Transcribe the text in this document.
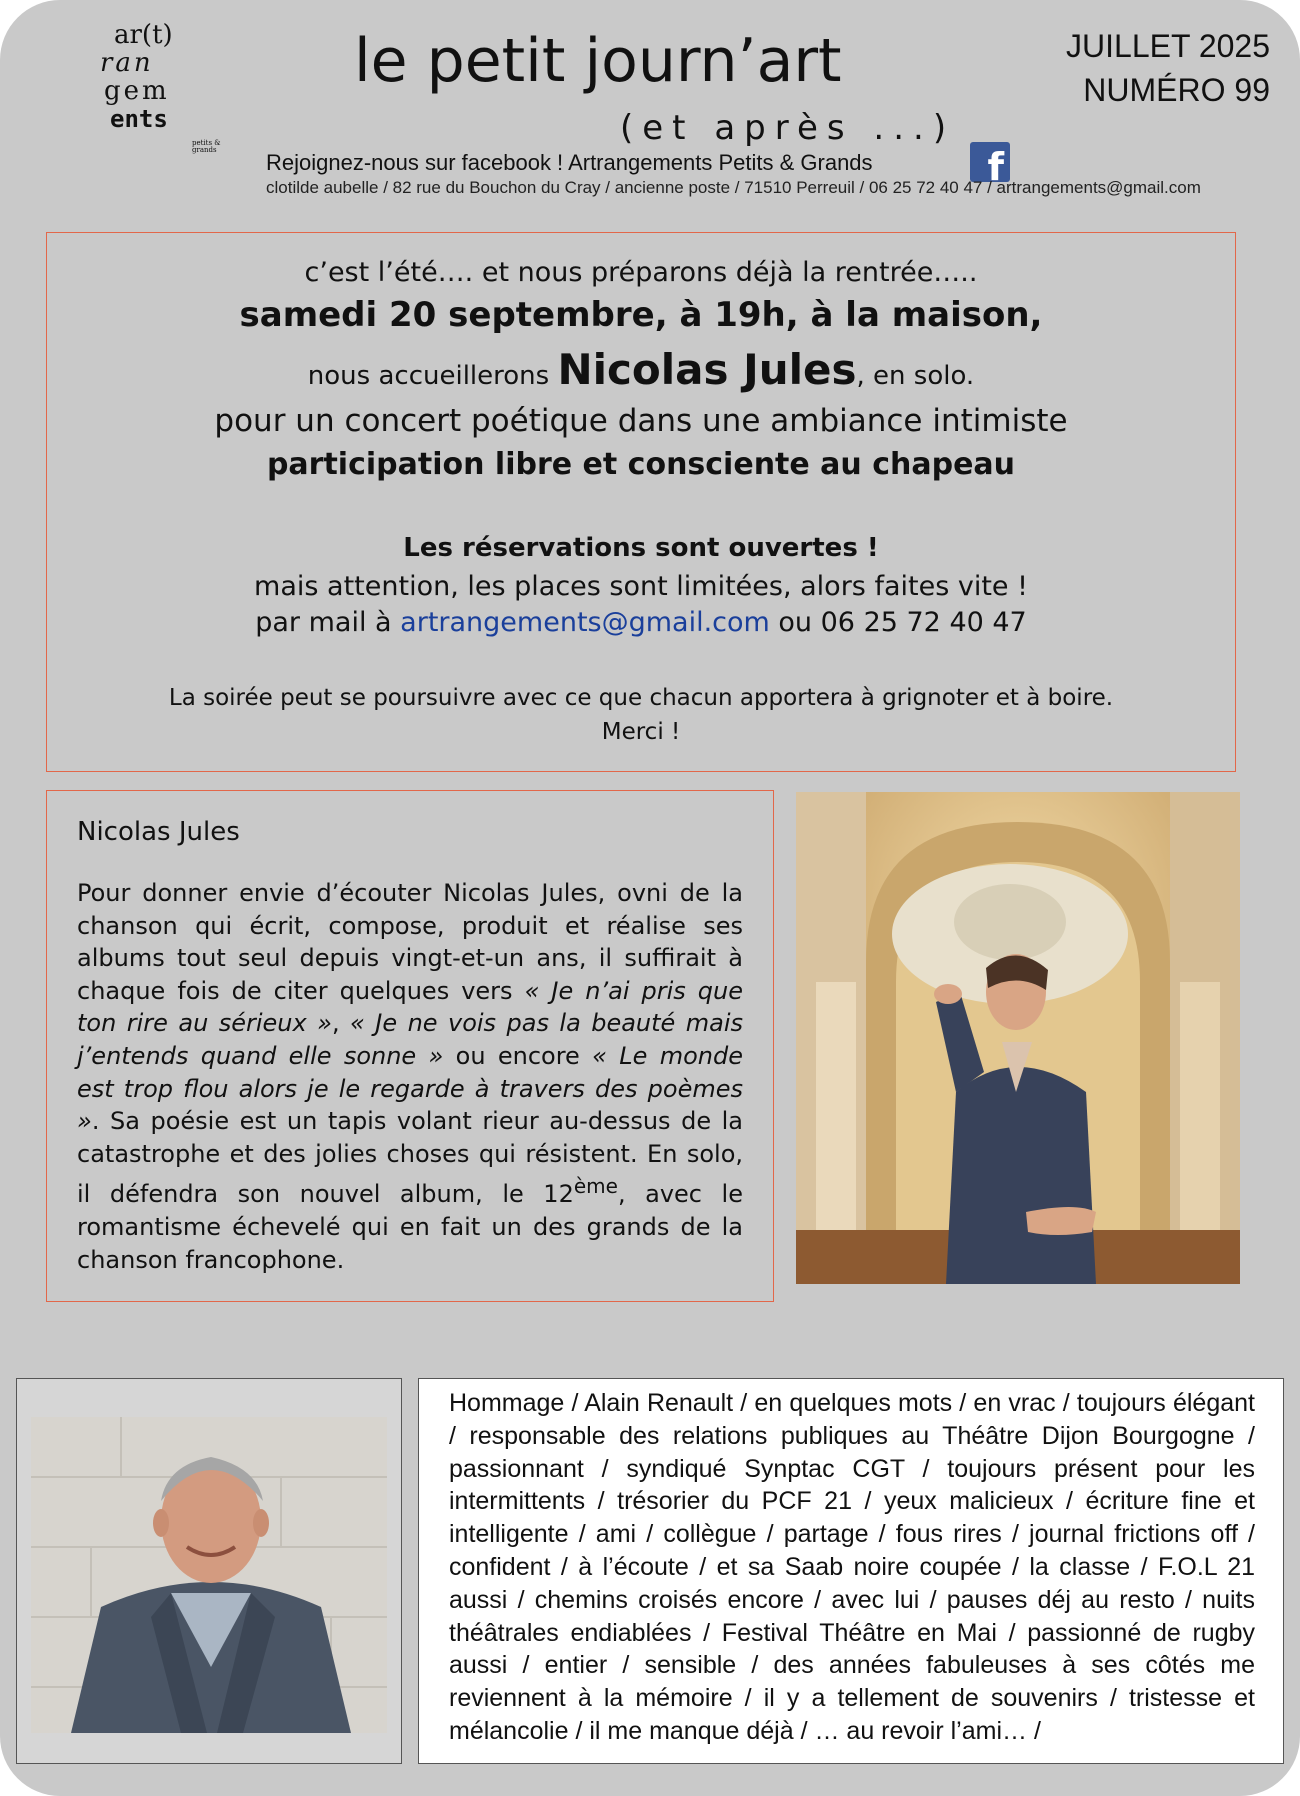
ar(t)
ran
gem
ents
petits & grands
le petit journ’art
(et après ...)
JUILLET 2025
NUMÉRO 99
Rejoignez-nous sur facebook ! Artrangements Petits & Grands	f
clotilde aubelle / 82 rue du Bouchon du Cray / ancienne poste / 71510 Perreuil / 06 25 72 40 47 / artrangements@gmail.com
c’est l’été…. et nous préparons déjà la rentrée…..
samedi 20 septembre, à 19h, à la maison,
nous accueillerons Nicolas Jules, en solo.
pour un concert poétique dans une ambiance intimiste
participation libre et consciente au chapeau
Les réservations sont ouvertes !
mais attention, les places sont limitées, alors faites vite !
par mail à artrangements@gmail.com ou 06 25 72 40 47
La soirée peut se poursuivre avec ce que chacun apportera à grignoter et à boire.
Merci !
Nicolas Jules
Pour donner envie d’écouter Nicolas Jules, ovni de la chanson qui écrit, compose, produit et réalise ses albums tout seul depuis vingt-et-un ans, il suffirait à chaque fois de citer quelques vers « Je n’ai pris que ton rire au sérieux », « Je ne vois pas la beauté mais j’entends quand elle sonne » ou encore « Le monde est trop flou alors je le regarde à travers des poèmes ». Sa poésie est un tapis volant rieur au-dessus de la catastrophe et des jolies choses qui résistent. En solo, il défendra son nouvel album, le 12ème, avec le romantisme échevelé qui en fait un des grands de la chanson francophone.
Hommage / Alain Renault / en quelques mots / en vrac / toujours élégant / responsable des relations publiques au Théâtre Dijon Bourgogne / passionnant / syndiqué Synptac CGT / toujours présent pour les intermittents / trésorier du PCF 21 / yeux malicieux / écriture fine et intelligente / ami / collègue / partage / fous rires / journal frictions off / confident / à l’écoute / et sa Saab noire coupée / la classe / F.O.L 21 aussi / chemins croisés encore / avec lui / pauses déj au resto / nuits théâtrales endiablées / Festival Théâtre en Mai / passionné de rugby aussi / entier / sensible / des années fabuleuses à ses côtés me reviennent à la mémoire / il y a tellement de souvenirs / tristesse et mélancolie / il me manque déjà / … au revoir l’ami… /
